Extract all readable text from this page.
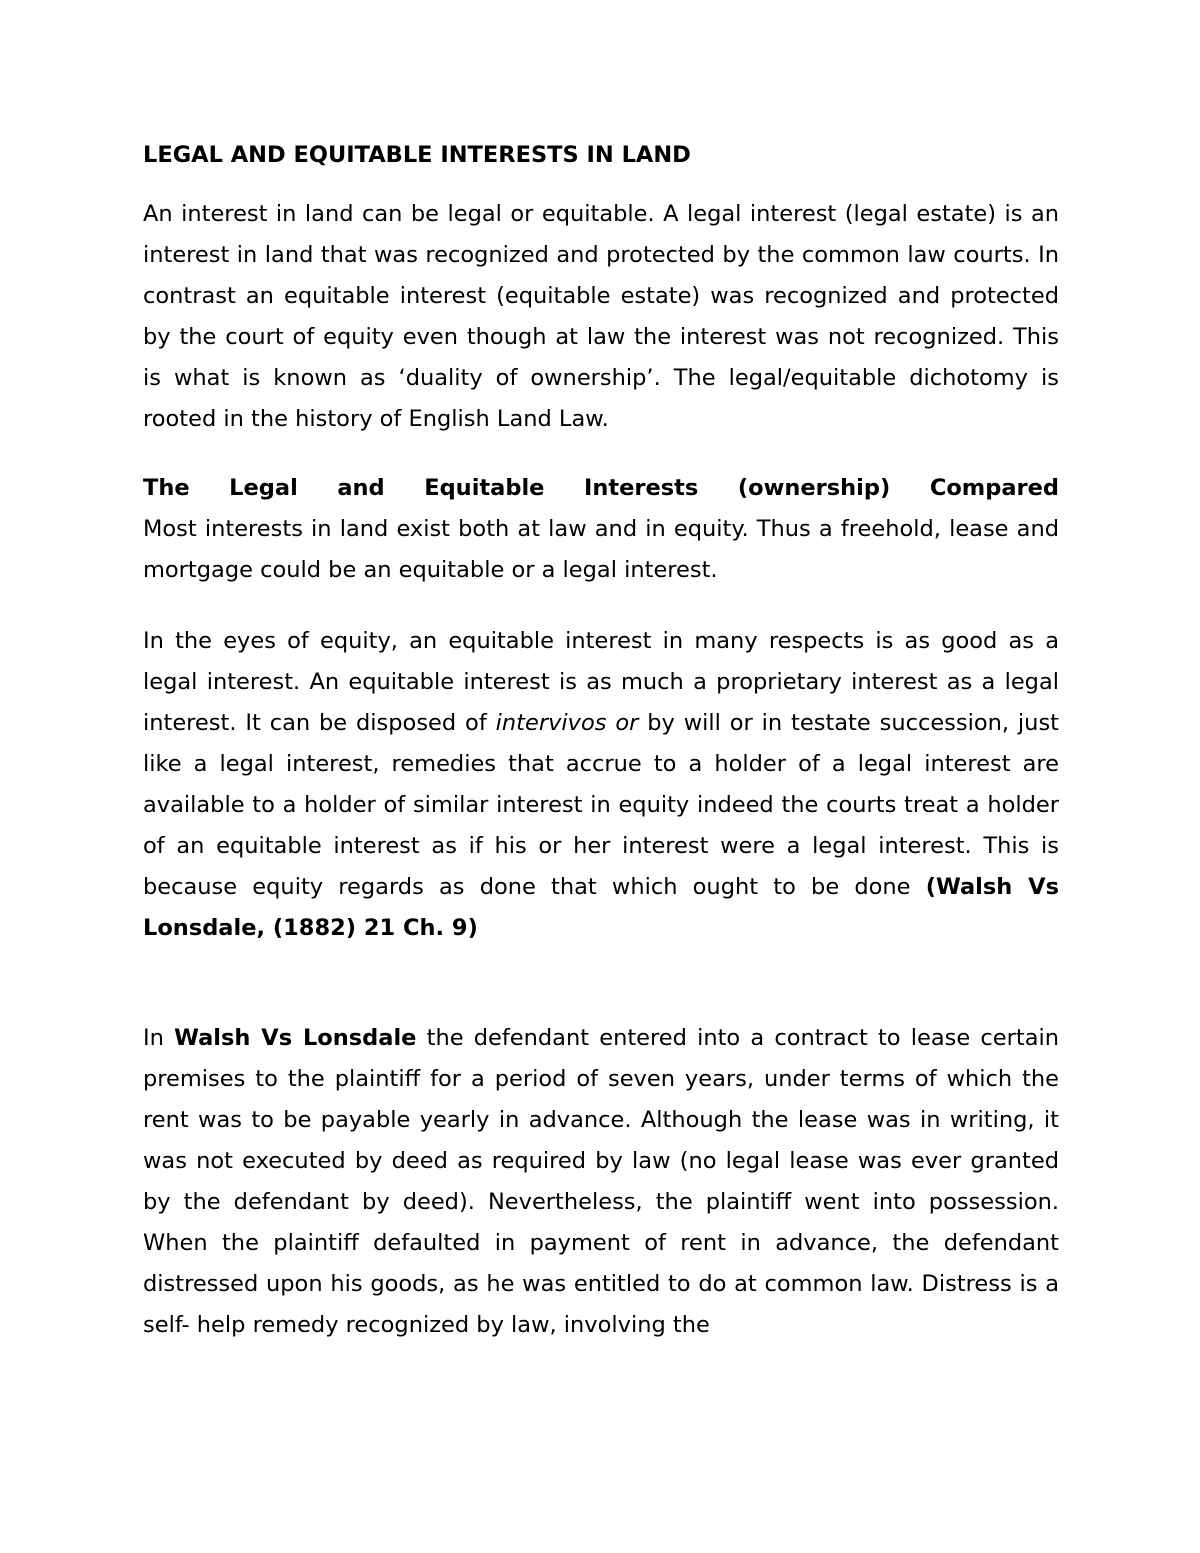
LEGAL AND EQUITABLE INTERESTS IN LAND

An interest in land can be legal or equitable. A legal interest (legal estate) is an interest in land that was recognized and protected by the common law courts. In contrast an equitable interest (equitable estate) was recognized and protected by the court of equity even though at law the interest was not recognized. This is what is known as ‘duality of ownership’. The legal/equitable dichotomy is rooted in the history of English Land Law.

The Legal and Equitable Interests (ownership) Compared
Most interests in land exist both at law and in equity. Thus a freehold, lease and mortgage could be an equitable or a legal interest.

In the eyes of equity, an equitable interest in many respects is as good as a legal interest. An equitable interest is as much a proprietary interest as a legal interest. It can be disposed of intervivos or by will or in testate succession, just like a legal interest, remedies that accrue to a holder of a legal interest are available to a holder of similar interest in equity indeed the courts treat a holder of an equitable interest as if his or her interest were a legal interest. This is because equity regards as done that which ought to be done (Walsh Vs Lonsdale, (1882) 21 Ch. 9)

In Walsh Vs Lonsdale the defendant entered into a contract to lease certain premises to the plaintiff for a period of seven years, under terms of which the rent was to be payable yearly in advance. Although the lease was in writing, it was not executed by deed as required by law (no legal lease was ever granted by the defendant by deed). Nevertheless, the plaintiff went into possession. When the plaintiff defaulted in payment of rent in advance, the defendant distressed upon his goods, as he was entitled to do at common law. Distress is a self- help remedy recognized by law, involving the
